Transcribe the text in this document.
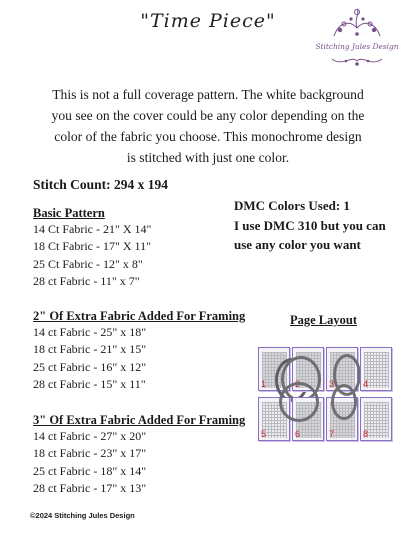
"Time Piece"
Stitching Jules Design
This is not a full coverage pattern. The white background
you see on the cover could be any color depending on the
color of the fabric you choose. This monochrome design
is stitched with just one color.
Stitch Count: 294 x 194
Basic Pattern
14 Ct Fabric - 21" X 14"
18 Ct Fabric - 17" X 11"
25 Ct Fabric - 12" x 8"
28 ct Fabric - 11" x 7"
2" Of Extra Fabric Added For Framing
14 ct Fabric - 25" x 18"
18 ct Fabric - 21" x 15"
25 ct Fabric - 16" x 12"
28 ct Fabric - 15" x 11"
3" Of Extra Fabric Added For Framing
14 ct Fabric - 27" x 20"
18 ct Fabric - 23" x 17"
25 ct Fabric - 18" x 14"
28 ct Fabric - 17" x 13"
DMC Colors Used: 1
I use DMC 310 but you can
use any color you want
Page Layout
1	2	3	4
5	6	7	8
©2024 Stitching Jules Design
